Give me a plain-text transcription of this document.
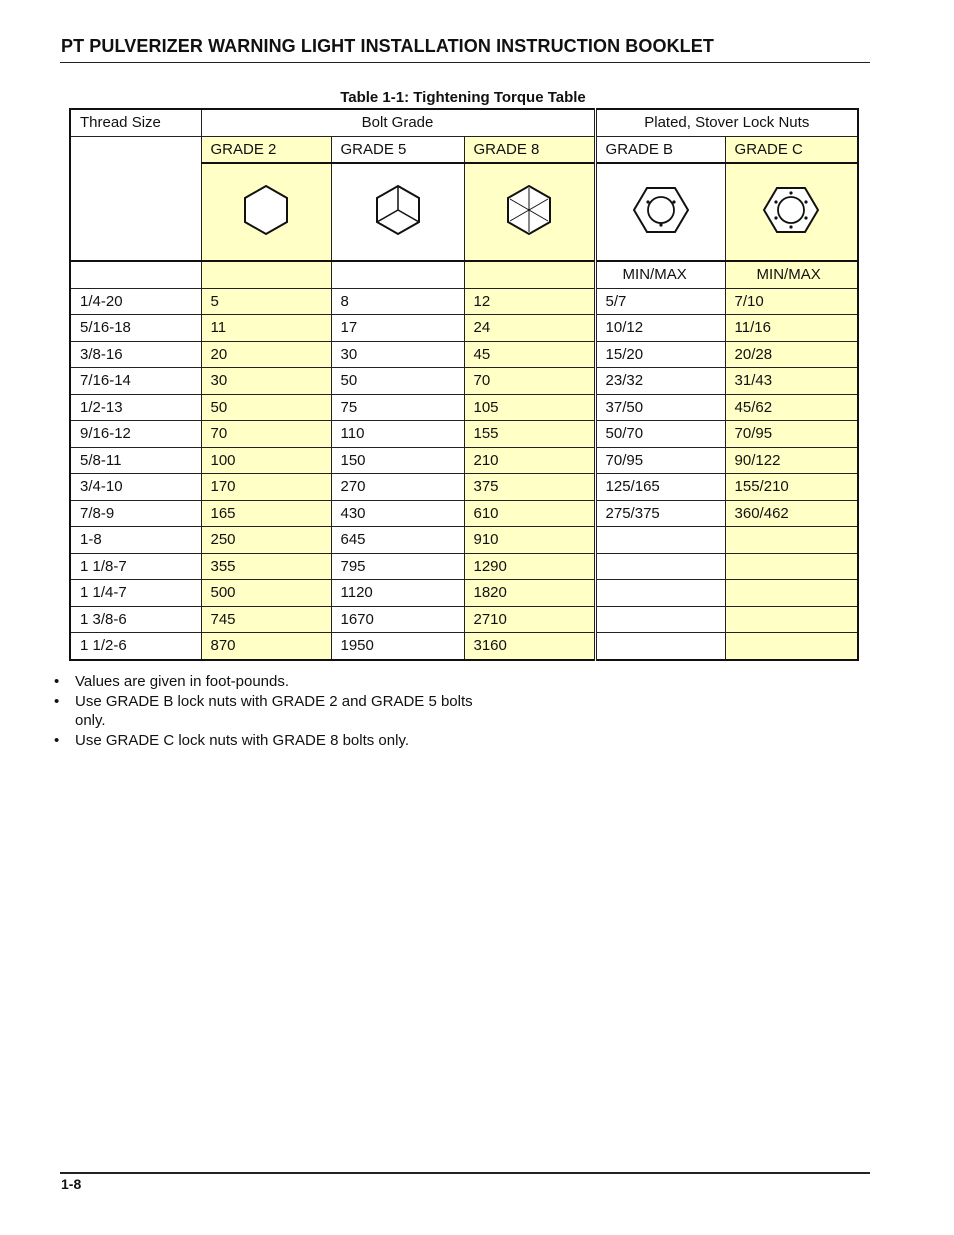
PT PULVERIZER WARNING LIGHT INSTALLATION INSTRUCTION BOOKLET
Table 1-1: Tightening Torque Table
Thread Size	Bolt Grade			Plated, Stover Lock Nuts	
	GRADE 2	GRADE 5	GRADE 8	GRADE B	GRADE C

				MIN/MAX	MIN/MAX
1/4-20	5	8	12	5/7	7/10
5/16-18	11	17	24	10/12	11/16
3/8-16	20	30	45	15/20	20/28
7/16-14	30	50	70	23/32	31/43
1/2-13	50	75	105	37/50	45/62
9/16-12	70	110	155	50/70	70/95
5/8-11	100	150	210	70/95	90/122
3/4-10	170	270	375	125/165	155/210
7/8-9	165	430	610	275/375	360/462
1-8	250	645	910		
1 1/8-7	355	795	1290		
1 1/4-7	500	1120	1820		
1 3/8-6	745	1670	2710		
1 1/2-6	870	1950	3160		
• Values are given in foot-pounds.
• Use GRADE B lock nuts with GRADE 2 and GRADE 5 bolts only.
• Use GRADE C lock nuts with GRADE 8 bolts only.
1-8
